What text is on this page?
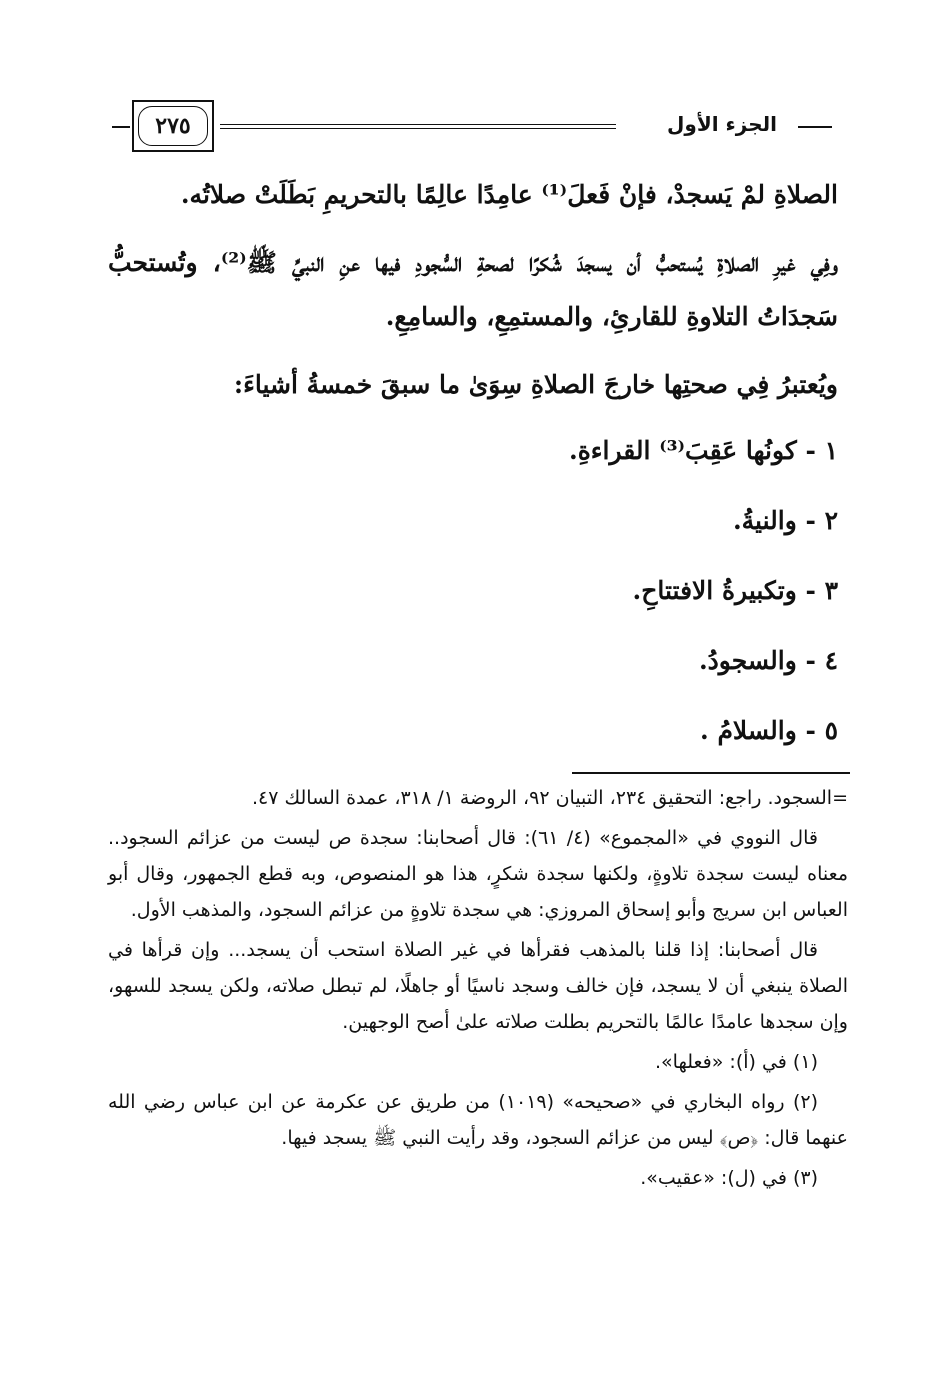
٢٧٥	الجزء الأول

الصلاةِ لمْ يَسجدْ، فإنْ فَعلَ⁽¹⁾ عامِدًا عالِمًا بالتحريمِ بَطَلَتْ صلاتُه.

وفِي غيرِ الصلاةِ يُستحبُّ أن يسجدَ شُكرًا لصحةِ السُّجودِ فيها عنِ النبيِّ ﷺ⁽²⁾، وتُستحبُّ سَجدَاتُ التلاوةِ للقارئِ، والمستمِعِ، والسامِعِ.

ويُعتبرُ فِي صحتِها خارجَ الصلاةِ سِوَىٰ ما سبقَ خمسةُ أشياءَ:

١ - كونُها عَقِبَ⁽³⁾ القراءةِ.
٢ - والنيةُ.
٣ - وتكبيرةُ الافتتاحِ.
٤ - والسجودُ.
٥ - والسلامُ .

=السجود. راجع: التحقيق ٢٣٤، التبيان ٩٢، الروضة ١/ ٣١٨، عمدة السالك ٤٧.

قال النووي في «المجموع» (٤/ ٦١): قال أصحابنا: سجدة ص ليست من عزائم السجود.. معناه ليست سجدة تلاوةٍ، ولكنها سجدة شكرٍ، هذا هو المنصوص، وبه قطع الجمهور، وقال أبو العباس ابن سريج وأبو إسحاق المروزي: هي سجدة تلاوةٍ من عزائم السجود، والمذهب الأول.

قال أصحابنا: إذا قلنا بالمذهب فقرأها في غير الصلاة استحب أن يسجد... وإن قرأها في الصلاة ينبغي أن لا يسجد، فإن خالف وسجد ناسيًا أو جاهلًا، لم تبطل صلاته، ولكن يسجد للسهو، وإن سجدها عامدًا عالمًا بالتحريم بطلت صلاته علىٰ أصح الوجهين.

(١) في (أ): «فعلها».

(٢) رواه البخاري في «صحيحه» (١٠١٩) من طريق عن عكرمة عن ابن عباس رضي الله عنهما قال: ﴿ص﴾ ليس من عزائم السجود، وقد رأيت النبي ﷺ يسجد فيها.

(٣) في (ل): «عقيب».
